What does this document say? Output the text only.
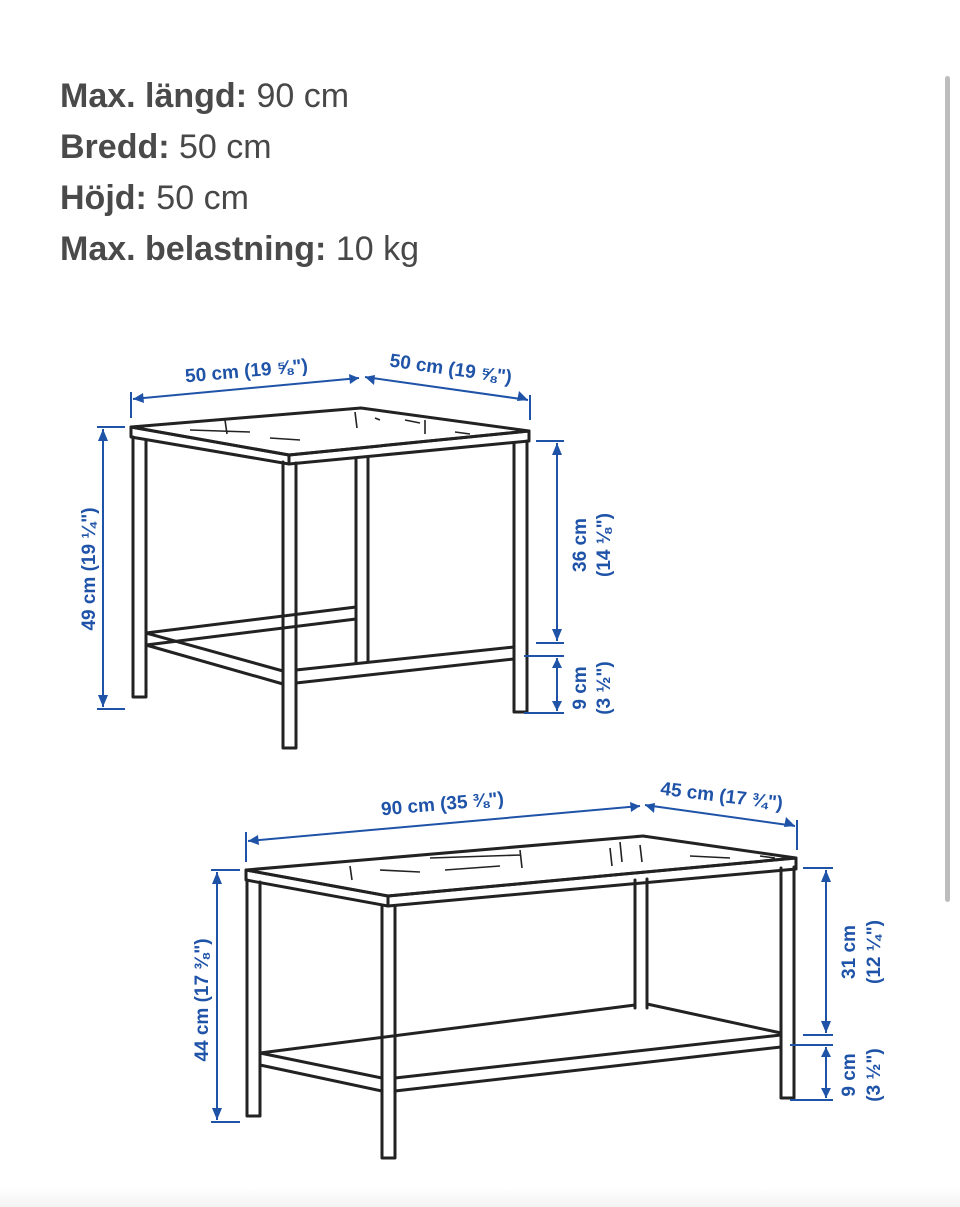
Max. längd: 90 cm
Bredd: 50 cm
Höjd: 50 cm
Max. belastning: 10 kg
50 cm (19 ⅝")	50 cm (19 ⅝")
49 cm (19 ¼")	36 cm (14 ⅛")
9 cm (3 ½")
90 cm (35 ⅜")	45 cm (17 ¾")
44 cm (17 ⅜")	31 cm (12 ¼")
9 cm (3 ½")
